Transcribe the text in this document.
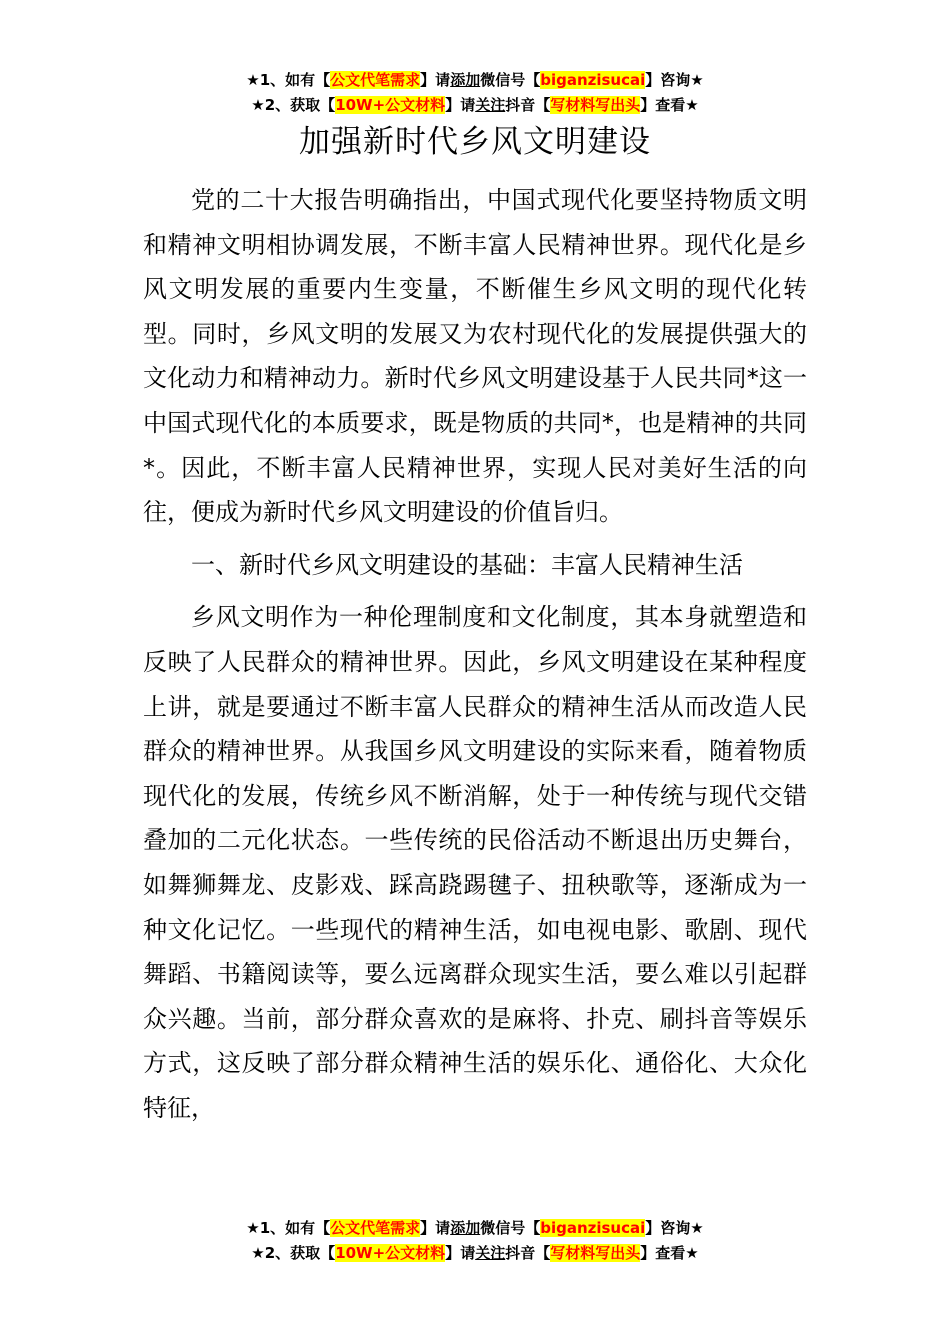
★1、如有【公文代笔需求】请添加微信号【biganzisucai】咨询★
★2、获取【10W+公文材料】请关注抖音【写材料写出头】查看★
加强新时代乡风文明建设

党的二十大报告明确指出，中国式现代化要坚持物质文明和精神文明相协调发展，不断丰富人民精神世界。现代化是乡风文明发展的重要内生变量，不断催生乡风文明的现代化转型。同时，乡风文明的发展又为农村现代化的发展提供强大的文化动力和精神动力。新时代乡风文明建设基于人民共同*这一中国式现代化的本质要求，既是物质的共同*，也是精神的共同*。因此，不断丰富人民精神世界，实现人民对美好生活的向往，便成为新时代乡风文明建设的价值旨归。

一、新时代乡风文明建设的基础：丰富人民精神生活

乡风文明作为一种伦理制度和文化制度，其本身就塑造和反映了人民群众的精神世界。因此，乡风文明建设在某种程度上讲，就是要通过不断丰富人民群众的精神生活从而改造人民群众的精神世界。从我国乡风文明建设的实际来看，随着物质现代化的发展，传统乡风不断消解，处于一种传统与现代交错叠加的二元化状态。一些传统的民俗活动不断退出历史舞台，如舞狮舞龙、皮影戏、踩高跷踢毽子、扭秧歌等，逐渐成为一种文化记忆。一些现代的精神生活，如电视电影、歌剧、现代舞蹈、书籍阅读等，要么远离群众现实生活，要么难以引起群众兴趣。当前，部分群众喜欢的是麻将、扑克、刷抖音等娱乐方式，这反映了部分群众精神生活的娱乐化、通俗化、大众化特征，

★1、如有【公文代笔需求】请添加微信号【biganzisucai】咨询★
★2、获取【10W+公文材料】请关注抖音【写材料写出头】查看★
